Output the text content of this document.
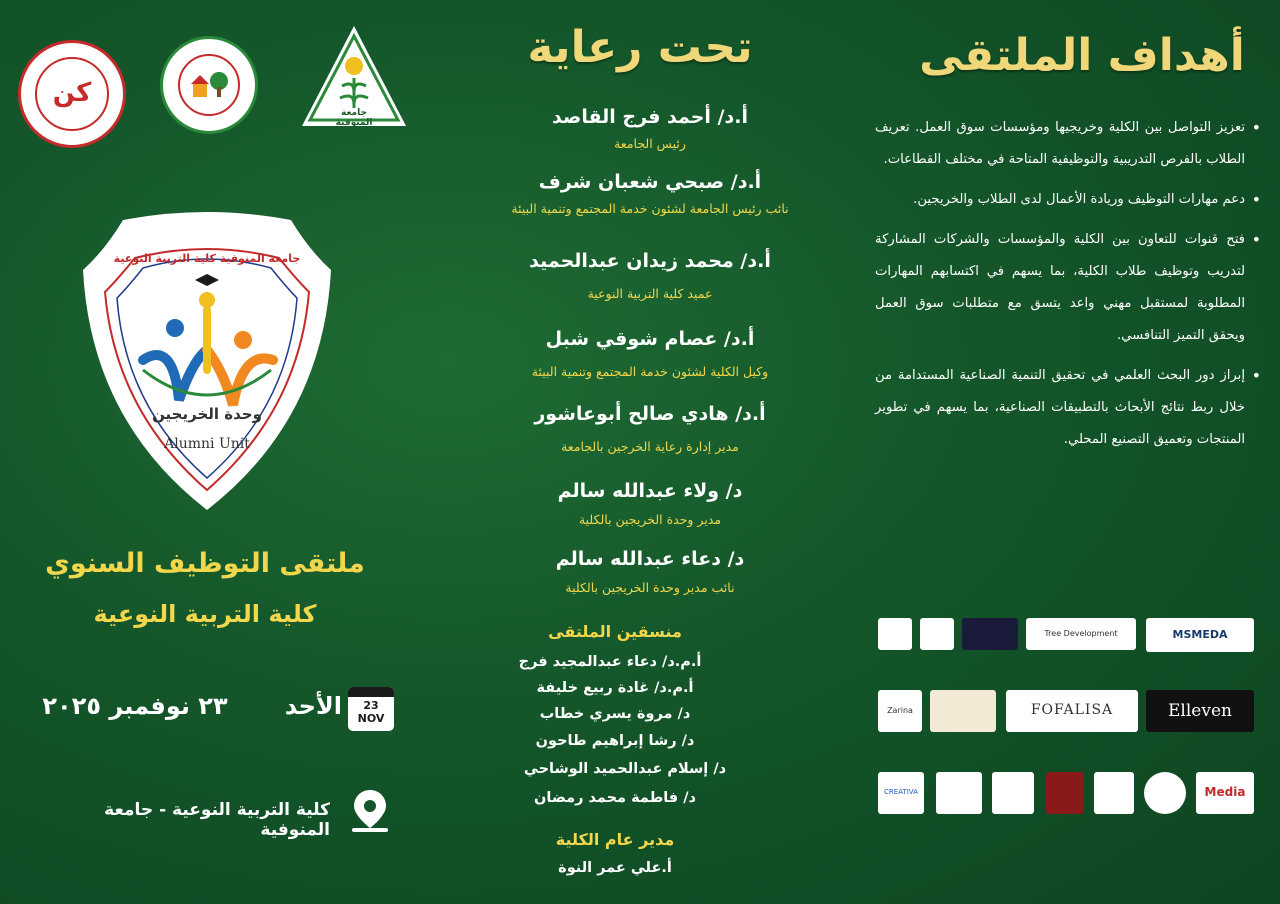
كن
جامعة المنوفية
تحت رعاية	أهداف الملتقى
• تعزيز التواصل بين الكلية وخريجيها ومؤسسات سوق العمل. تعريف الطلاب بالفرص التدريبية والتوظيفية المتاحة في مختلف القطاعات.
• دعم مهارات التوظيف وريادة الأعمال لدى الطلاب والخريجين.
• فتح قنوات للتعاون بين الكلية والمؤسسات والشركات المشاركة لتدريب وتوظيف طلاب الكلية، بما يسهم في اكتسابهم المهارات المطلوبة لمستقبل مهني واعد يتسق مع متطلبات سوق العمل ويحقق التميز التنافسي.
• إبراز دور البحث العلمي في تحقيق التنمية الصناعية المستدامة من خلال ربط نتائج الأبحاث بالتطبيقات الصناعية، بما يسهم في تطوير المنتجات وتعميق التصنيع المحلي.
أ.د/ أحمد فرج القاصد
رئيس الجامعة
أ.د/ صبحي شعبان شرف
نائب رئيس الجامعة لشئون خدمة المجتمع وتنمية البيئة
أ.د/ محمد زيدان عبدالحميد
عميد كلية التربية النوعية
أ.د/ عصام شوقي شبل
وكيل الكلية لشئون خدمة المجتمع وتنمية البيئة
أ.د/ هادي صالح أبوعاشور
مدير إدارة رعاية الخرجين بالجامعة
د/ ولاء عبدالله سالم
مدير وحدة الخريجين بالكلية
د/ دعاء عبدالله سالم
نائب مدير وحدة الخريجين بالكلية
منسقين الملتقى
أ.م.د/ دعاء عبدالمجيد فرج
أ.م.د/ غادة ربيع خليفة
د/ مروة يسري خطاب
د/ رشا إبراهيم طاحون
د/ إسلام عبدالحميد الوشاحي
د/ فاطمة محمد رمضان
مدير عام الكلية
أ.علي عمر النوة
جامعة المنوفية كلية التربية النوعية
وحدة الخريجين
Alumni Unit
ملتقى التوظيف السنوي
كلية التربية النوعية
الأحد
٢٣ نوفمبر ٢٠٢٥	23
NOV
كلية التربية النوعية - جامعة المنوفية
MSMEDA
Tree Development
Elleven
FOFALISA
Zarina
Media
CREATIVA
